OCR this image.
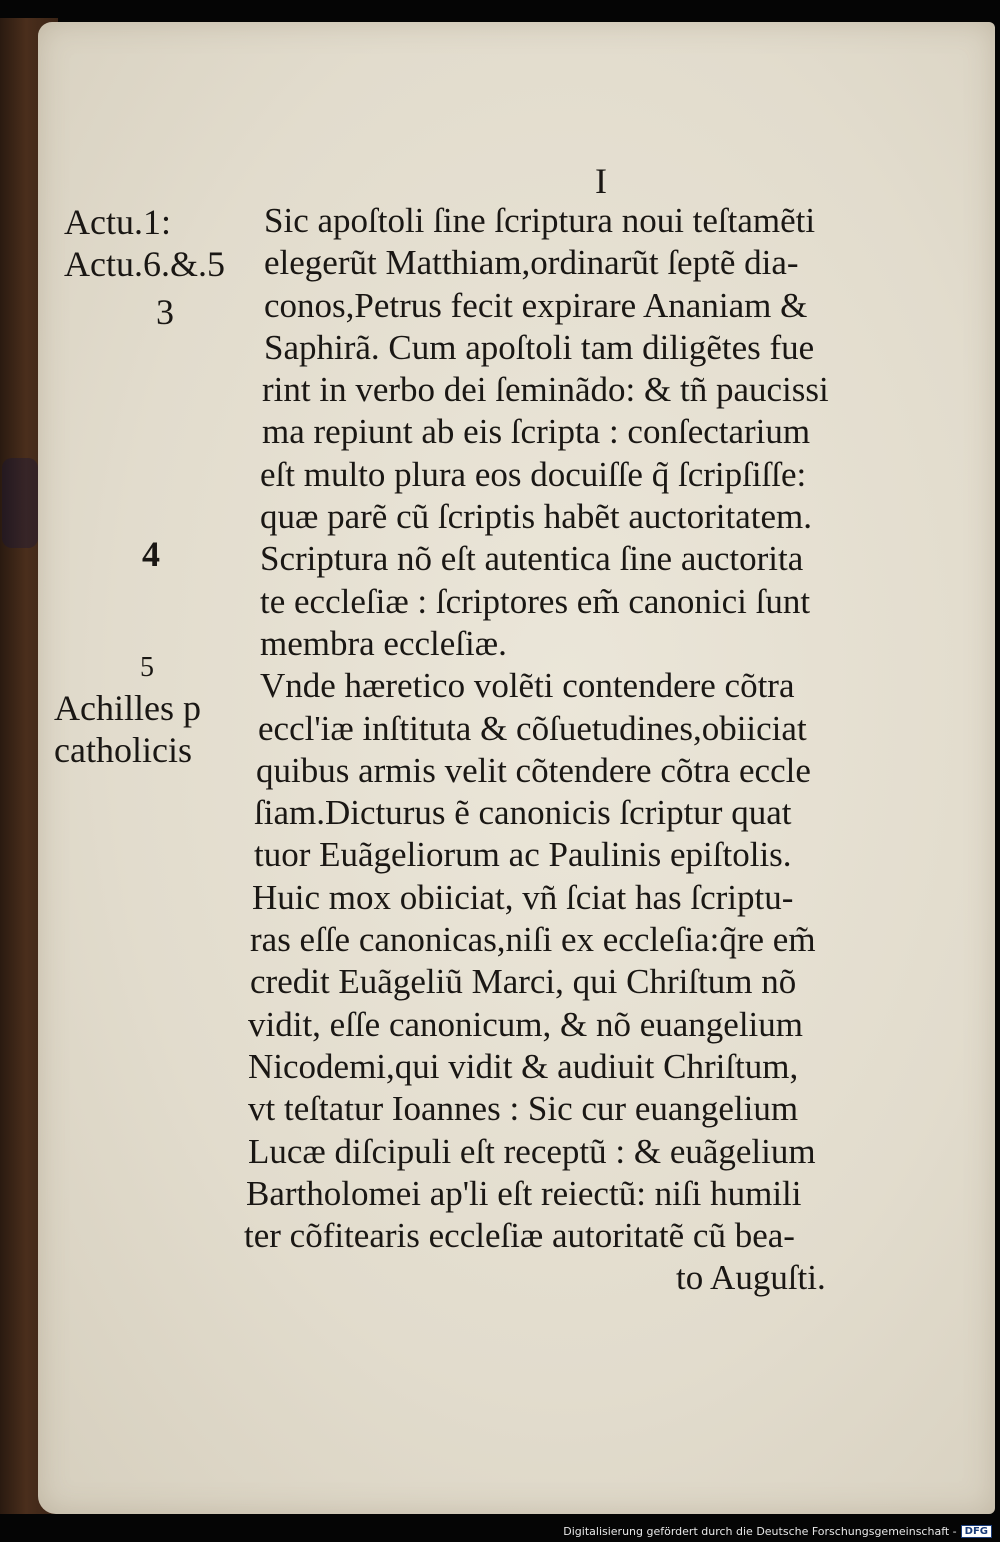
I
Actu.1:
Actu.6.&.5
3
4
5
Achilles p
catholicis
Sic apoſtoli ſine ſcriptura noui teſtamẽti
elegerũt Matthiam,ordinarũt ſeptẽ dia-
conos,Petrus fecit expirare Ananiam &
Saphirã. Cum apoſtoli tam diligẽtes fue
rint in verbo dei ſeminãdo: & tñ paucissi
ma repiunt ab eis ſcripta : conſectarium
eſt multo plura eos docuiſſe q̃ ſcripſiſſe:
quæ parẽ cũ ſcriptis habẽt auctoritatem.
Scriptura nõ eſt autentica ſine auctorita
te eccleſiæ : ſcriptores em̃ canonici ſunt
membra eccleſiæ.
Vnde hæretico volẽti contendere cõtra
eccl'iæ inſtituta & cõſuetudines,obiiciat
quibus armis velit cõtendere cõtra eccle
ſiam.Dicturus ẽ canonicis ſcriptur quat
tuor Euãgeliorum ac Paulinis epiſtolis.
Huic mox obiiciat, vñ ſciat has ſcriptu-
ras eſſe canonicas,niſi ex eccleſia:q̃re em̃
credit Euãgeliũ Marci, qui Chriſtum nõ
vidit, eſſe canonicum, & nõ euangelium
Nicodemi,qui vidit & audiuit Chriſtum,
vt teſtatur Ioannes : Sic cur euangelium
Lucæ diſcipuli eſt receptũ : & euãgelium
Bartholomei ap'li eſt reiectũ: niſi humili
ter cõfitearis eccleſiæ autoritatẽ cũ bea-
to Auguſti.
Digitalisierung gefördert durch die Deutsche Forschungsgemeinschaft - DFG
